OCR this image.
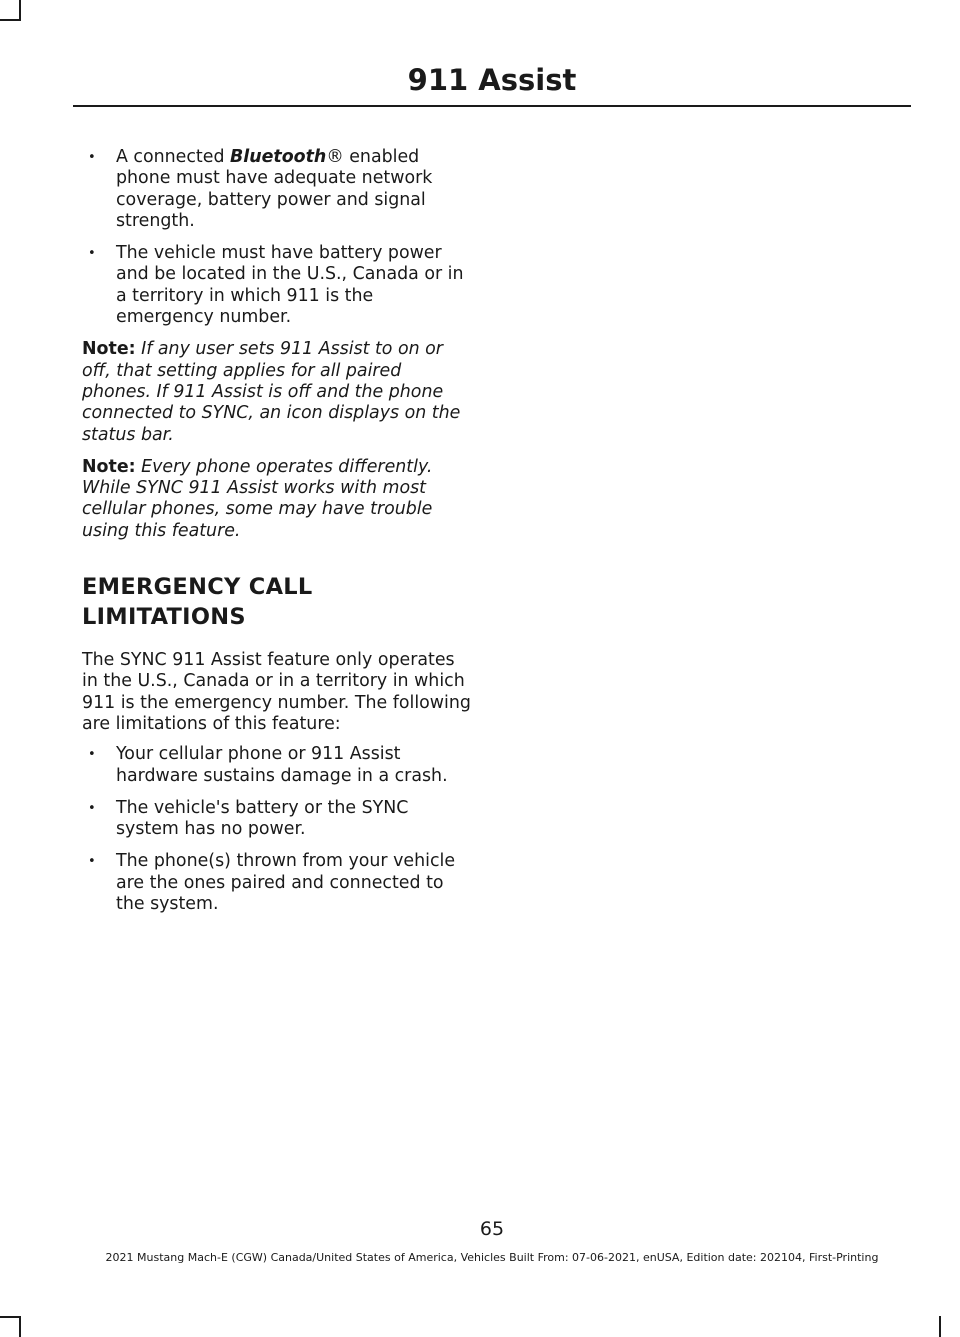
911 Assist
• A connected Bluetooth® enabled phone must have adequate network coverage, battery power and signal strength.
• The vehicle must have battery power and be located in the U.S., Canada or in a territory in which 911 is the emergency number.

Note: If any user sets 911 Assist to on or off, that setting applies for all paired phones. If 911 Assist is off and the phone connected to SYNC, an icon displays on the status bar.

Note: Every phone operates differently. While SYNC 911 Assist works with most cellular phones, some may have trouble using this feature.

EMERGENCY CALL
LIMITATIONS

The SYNC 911 Assist feature only operates in the U.S., Canada or in a territory in which 911 is the emergency number. The following are limitations of this feature:

• Your cellular phone or 911 Assist hardware sustains damage in a crash.
• The vehicle's battery or the SYNC system has no power.
• The phone(s) thrown from your vehicle are the ones paired and connected to the system.
65
2021 Mustang Mach-E (CGW) Canada/United States of America, Vehicles Built From: 07-06-2021, enUSA, Edition date: 202104, First-Printing
